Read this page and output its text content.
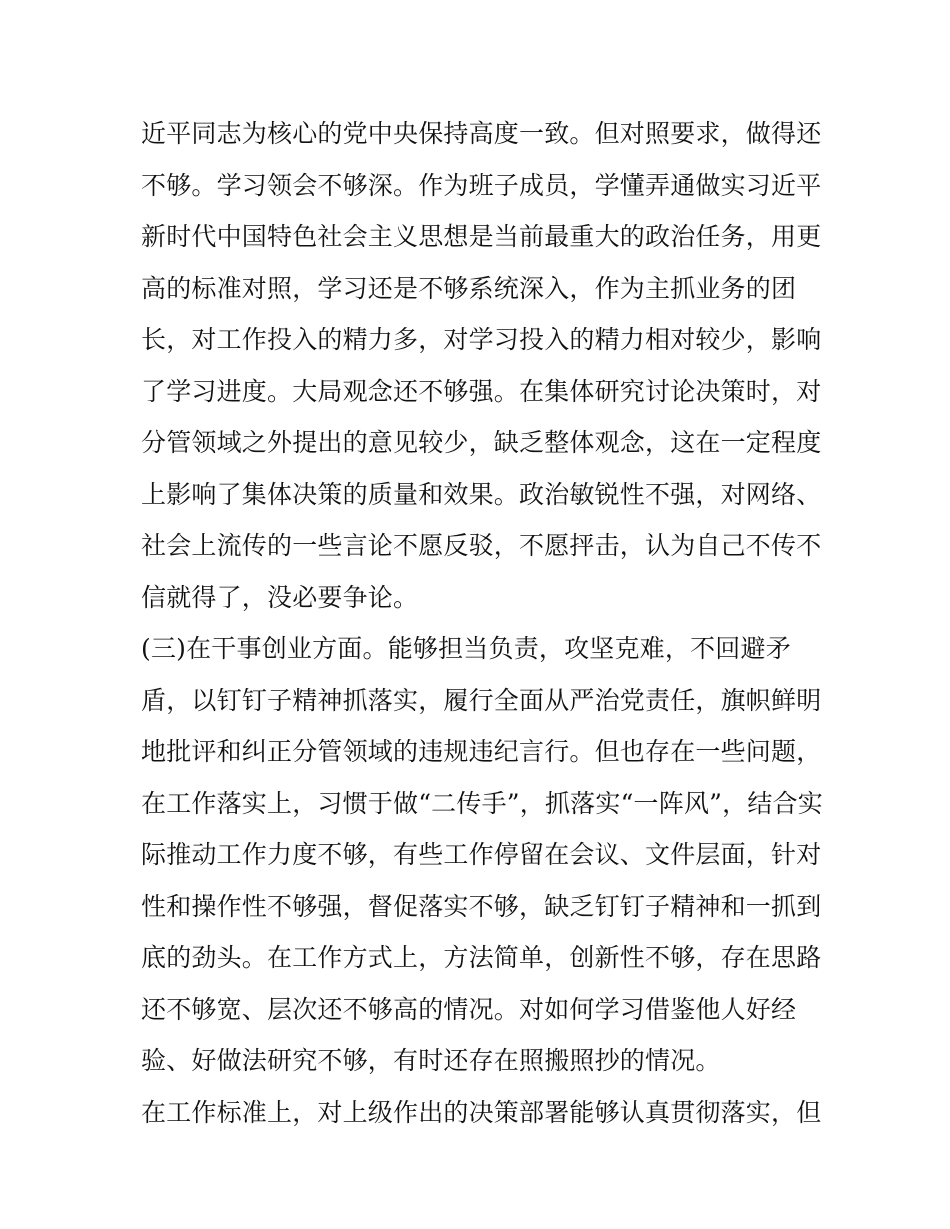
近平同志为核心的党中央保持高度一致。但对照要求，做得还
不够。学习领会不够深。作为班子成员，学懂弄通做实习近平
新时代中国特色社会主义思想是当前最重大的政治任务，用更
高的标准对照，学习还是不够系统深入，作为主抓业务的团
长，对工作投入的精力多，对学习投入的精力相对较少，影响
了学习进度。大局观念还不够强。在集体研究讨论决策时，对
分管领域之外提出的意见较少，缺乏整体观念，这在一定程度
上影响了集体决策的质量和效果。政治敏锐性不强，对网络、
社会上流传的一些言论不愿反驳，不愿抨击，认为自己不传不
信就得了，没必要争论。
(三)在干事创业方面。能够担当负责，攻坚克难，不回避矛
盾，以钉钉子精神抓落实，履行全面从严治党责任，旗帜鲜明
地批评和纠正分管领域的违规违纪言行。但也存在一些问题，
在工作落实上，习惯于做“二传手”，抓落实“一阵风”，结合实
际推动工作力度不够，有些工作停留在会议、文件层面，针对
性和操作性不够强，督促落实不够，缺乏钉钉子精神和一抓到
底的劲头。在工作方式上，方法简单，创新性不够，存在思路
还不够宽、层次还不够高的情况。对如何学习借鉴他人好经
验、好做法研究不够，有时还存在照搬照抄的情况。
在工作标准上，对上级作出的决策部署能够认真贯彻落实，但
